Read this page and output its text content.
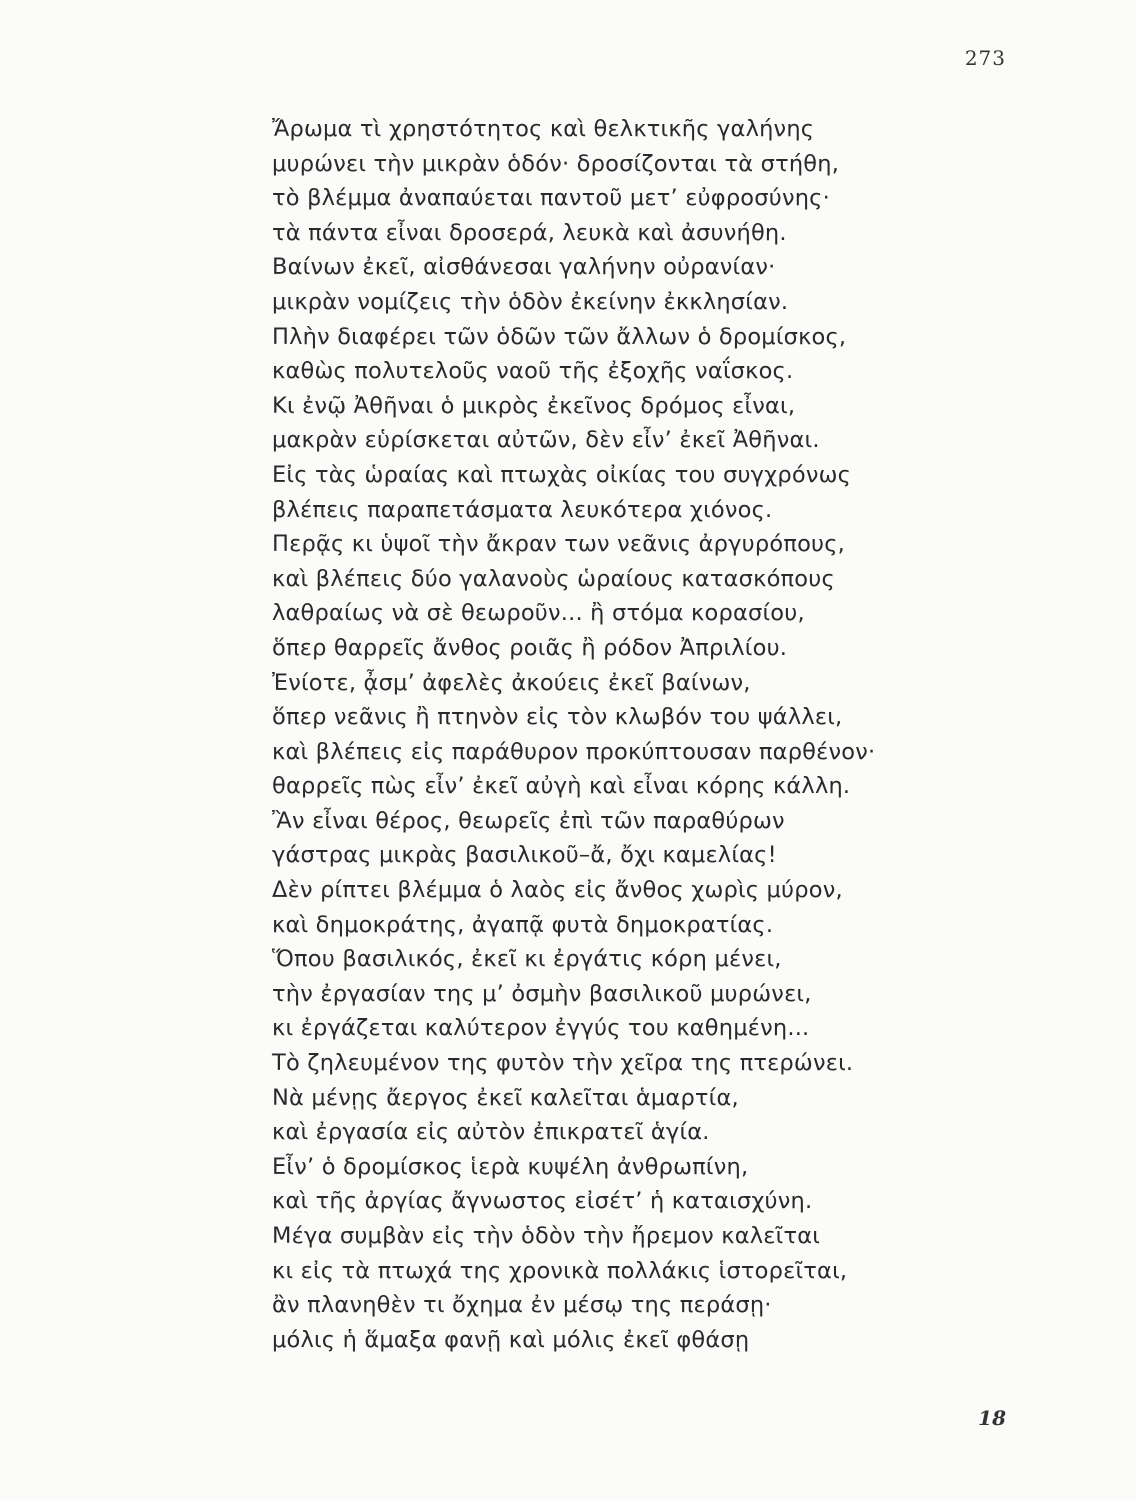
273
Ἄρωμα τὶ χρηστότητος καὶ θελκτικῆς γαλήνης
μυρώνει τὴν μικρὰν ὁδόν· δροσίζονται τὰ στήθη,
τὸ βλέμμα ἀναπαύεται παντοῦ μετ’ εὐφροσύνης·
τὰ πάντα εἶναι δροσερά, λευκὰ καὶ ἀσυνήθη.
Βαίνων ἐκεῖ, αἰσθάνεσαι γαλήνην οὐρανίαν·
μικρὰν νομίζεις τὴν ὁδὸν ἐκείνην ἐκκλησίαν.
Πλὴν διαφέρει τῶν ὁδῶν τῶν ἄλλων ὁ δρομίσκος,
καθὼς πολυτελοῦς ναοῦ τῆς ἐξοχῆς ναΐσκος.
Κι ἐνῷ Ἀθῆναι ὁ μικρὸς ἐκεῖνος δρόμος εἶναι,
μακρὰν εὑρίσκεται αὐτῶν, δὲν εἶν’ ἐκεῖ Ἀθῆναι.
Εἰς τὰς ὡραίας καὶ πτωχὰς οἰκίας του συγχρόνως
βλέπεις παραπετάσματα λευκότερα χιόνος.
Περᾷς κι ὑψοῖ τὴν ἄκραν των νεᾶνις ἀργυρόπους,
καὶ βλέπεις δύο γαλανοὺς ὡραίους κατασκόπους
λαθραίως νὰ σὲ θεωροῦν... ἢ στόμα κορασίου,
ὅπερ θαρρεῖς ἄνθος ροιᾶς ἢ ρόδον Ἀπριλίου.
Ἐνίοτε, ᾆσμ’ ἀφελὲς ἀκούεις ἐκεῖ βαίνων,
ὅπερ νεᾶνις ἢ πτηνὸν εἰς τὸν κλωβόν του ψάλλει,
καὶ βλέπεις εἰς παράθυρον προκύπτουσαν παρθένον·
θαρρεῖς πὼς εἶν’ ἐκεῖ αὐγὴ καὶ εἶναι κόρης κάλλη.
Ἂν εἶναι θέρος, θεωρεῖς ἐπὶ τῶν παραθύρων
γάστρας μικρὰς βασιλικοῦ–ἄ, ὄχι καμελίας!
Δὲν ρίπτει βλέμμα ὁ λαὸς εἰς ἄνθος χωρὶς μύρον,
καὶ δημοκράτης, ἀγαπᾷ φυτὰ δημοκρατίας.
Ὅπου βασιλικός, ἐκεῖ κι ἐργάτις κόρη μένει,
τὴν ἐργασίαν της μ’ ὀσμὴν βασιλικοῦ μυρώνει,
κι ἐργάζεται καλύτερον ἐγγύς του καθημένη...
Τὸ ζηλευμένον της φυτὸν τὴν χεῖρα της πτερώνει.
Νὰ μένῃς ἄεργος ἐκεῖ καλεῖται ἁμαρτία,
καὶ ἐργασία εἰς αὐτὸν ἐπικρατεῖ ἁγία.
Εἶν’ ὁ δρομίσκος ἱερὰ κυψέλη ἀνθρωπίνη,
καὶ τῆς ἀργίας ἄγνωστος εἰσέτ’ ἡ καταισχύνη.
Μέγα συμβὰν εἰς τὴν ὁδὸν τὴν ἤρεμον καλεῖται
κι εἰς τὰ πτωχά της χρονικὰ πολλάκις ἱστορεῖται,
ἂν πλανηθὲν τι ὄχημα ἐν μέσῳ της περάσῃ·
μόλις ἡ ἅμαξα φανῇ καὶ μόλις ἐκεῖ φθάσῃ
18
